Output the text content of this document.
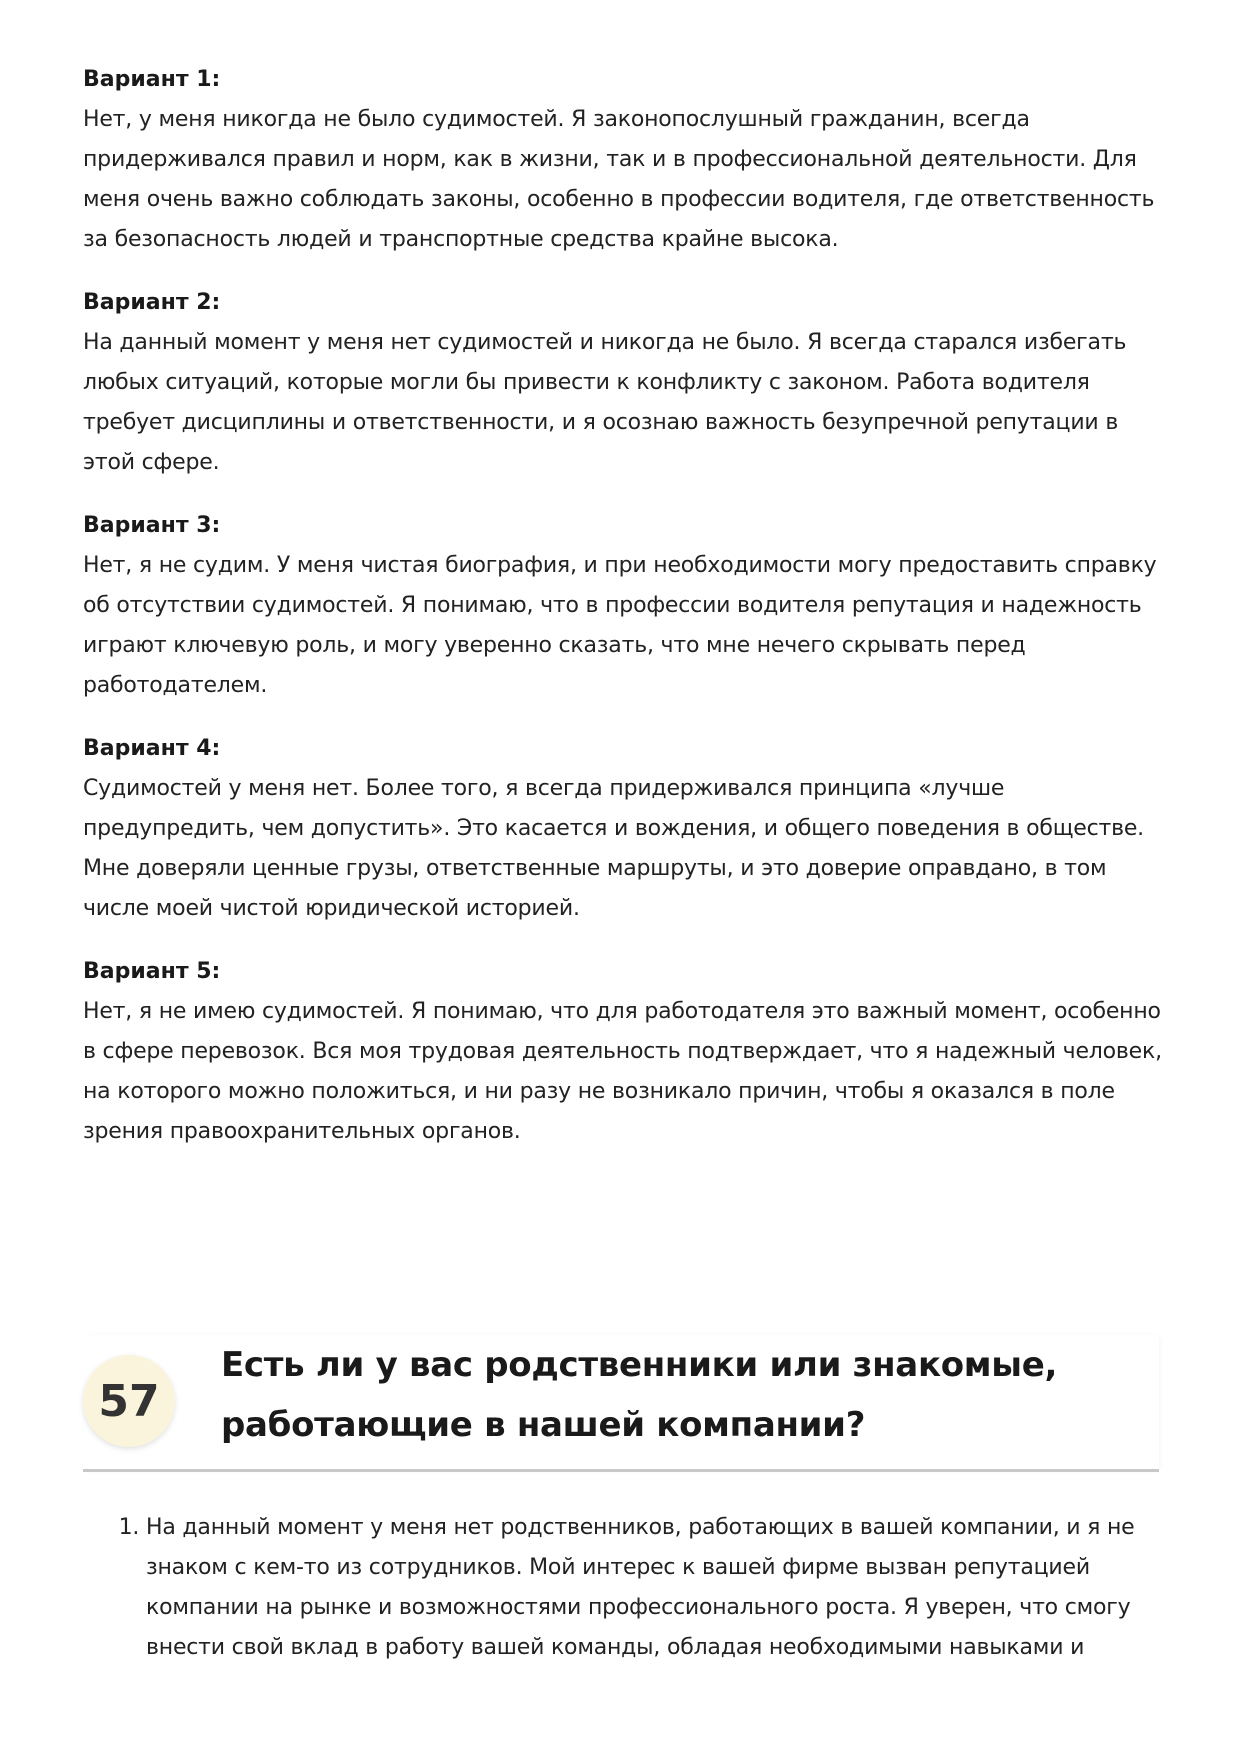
Вариант 1:

Нет, у меня никогда не было судимостей. Я законопослушный гражданин, всегда придерживался правил и норм, как в жизни, так и в профессиональной деятельности. Для меня очень важно соблюдать законы, особенно в профессии водителя, где ответственность за безопасность людей и транспортные средства крайне высока.

Вариант 2:

На данный момент у меня нет судимостей и никогда не было. Я всегда старался избегать любых ситуаций, которые могли бы привести к конфликту с законом. Работа водителя требует дисциплины и ответственности, и я осознаю важность безупречной репутации в этой сфере.

Вариант 3:

Нет, я не судим. У меня чистая биография, и при необходимости могу предоставить справку об отсутствии судимостей. Я понимаю, что в профессии водителя репутация и надежность играют ключевую роль, и могу уверенно сказать, что мне нечего скрывать перед работодателем.

Вариант 4:

Судимостей у меня нет. Более того, я всегда придерживался принципа «лучше предупредить, чем допустить». Это касается и вождения, и общего поведения в обществе. Мне доверяли ценные грузы, ответственные маршруты, и это доверие оправдано, в том числе моей чистой юридической историей.

Вариант 5:

Нет, я не имею судимостей. Я понимаю, что для работодателя это важный момент, особенно в сфере перевозок. Вся моя трудовая деятельность подтверждает, что я надежный человек, на которого можно положиться, и ни разу не возникало причин, чтобы я оказался в поле зрения правоохранительных органов.

57
Есть ли у вас родственники или знакомые, работающие в нашей компании?
1. На данный момент у меня нет родственников, работающих в вашей компании, и я не знаком с кем-то из сотрудников. Мой интерес к вашей фирме вызван репутацией компании на рынке и возможностями профессионального роста. Я уверен, что смогу внести свой вклад в работу вашей команды, обладая необходимыми навыками и
